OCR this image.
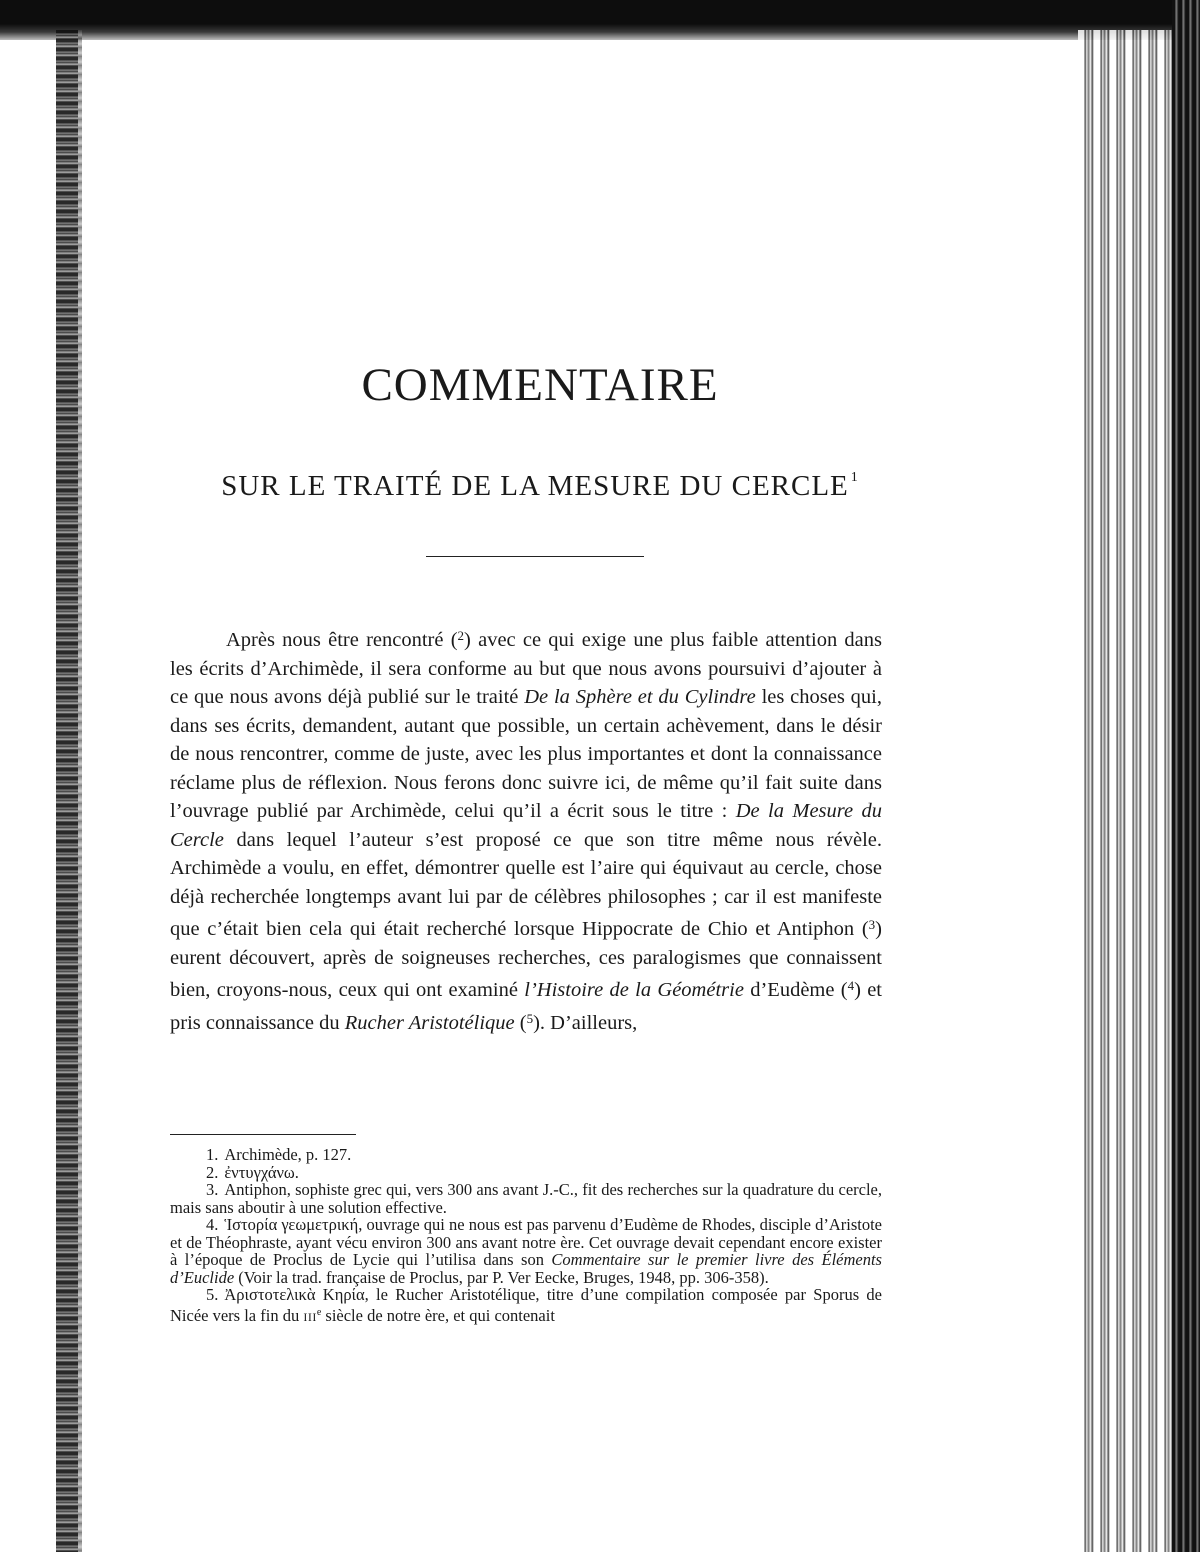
COMMENTAIRE
SUR LE TRAITÉ DE LA MESURE DU CERCLE $^1$

Après nous être rencontré ($^2$) avec ce qui exige une plus faible attention dans les écrits d’Archimède, il sera conforme au but que nous avons poursuivi d’ajouter à ce que nous avons déjà publié sur le traité De la Sphère et du Cylindre les choses qui, dans ses écrits, demandent, autant que possible, un certain achèvement, dans le désir de nous rencontrer, comme de juste, avec les plus importantes et dont la connaissance réclame plus de réflexion. Nous ferons donc suivre ici, de même qu’il fait suite dans l’ouvrage publié par Archimède, celui qu’il a écrit sous le titre : De la Mesure du Cercle dans lequel l’auteur s’est proposé ce que son titre même nous révèle. Archimède a voulu, en effet, démontrer quelle est l’aire qui équivaut au cercle, chose déjà recherchée longtemps avant lui par de célèbres philosophes ; car il est manifeste que c’était bien cela qui était recherché lorsque Hippocrate de Chio et Antiphon ($^3$) eurent découvert, après de soigneuses recherches, ces paralogismes que connaissent bien, croyons-nous, ceux qui ont examiné l’Histoire de la Géométrie d’Eudème ($^4$) et pris connaissance du Rucher Aristotélique ($^5$). D’ailleurs,

1. Archimède, p. 127.

2. ἐντυγχάνω.

3. Antiphon, sophiste grec qui, vers 300 ans avant J.-C., fit des recherches sur la quadrature du cercle, mais sans aboutir à une solution effective.

4. Ἱστορία γεωμετρική, ouvrage qui ne nous est pas parvenu d’Eudème de Rhodes, disciple d’Aristote et de Théophraste, ayant vécu environ 300 ans avant notre ère. Cet ouvrage devait cependant encore exister à l’époque de Proclus de Lycie qui l’utilisa dans son Commentaire sur le premier livre des Éléments d’Euclide (Voir la trad. française de Proclus, par P. Ver Eecke, Bruges, 1948, pp. 306-358).

5. Ἀριστοτελικὰ Κηρία, le Rucher Aristotélique, titre d’une compilation composée par Sporus de Nicée vers la fin du IIIe siècle de notre ère, et qui contenait
